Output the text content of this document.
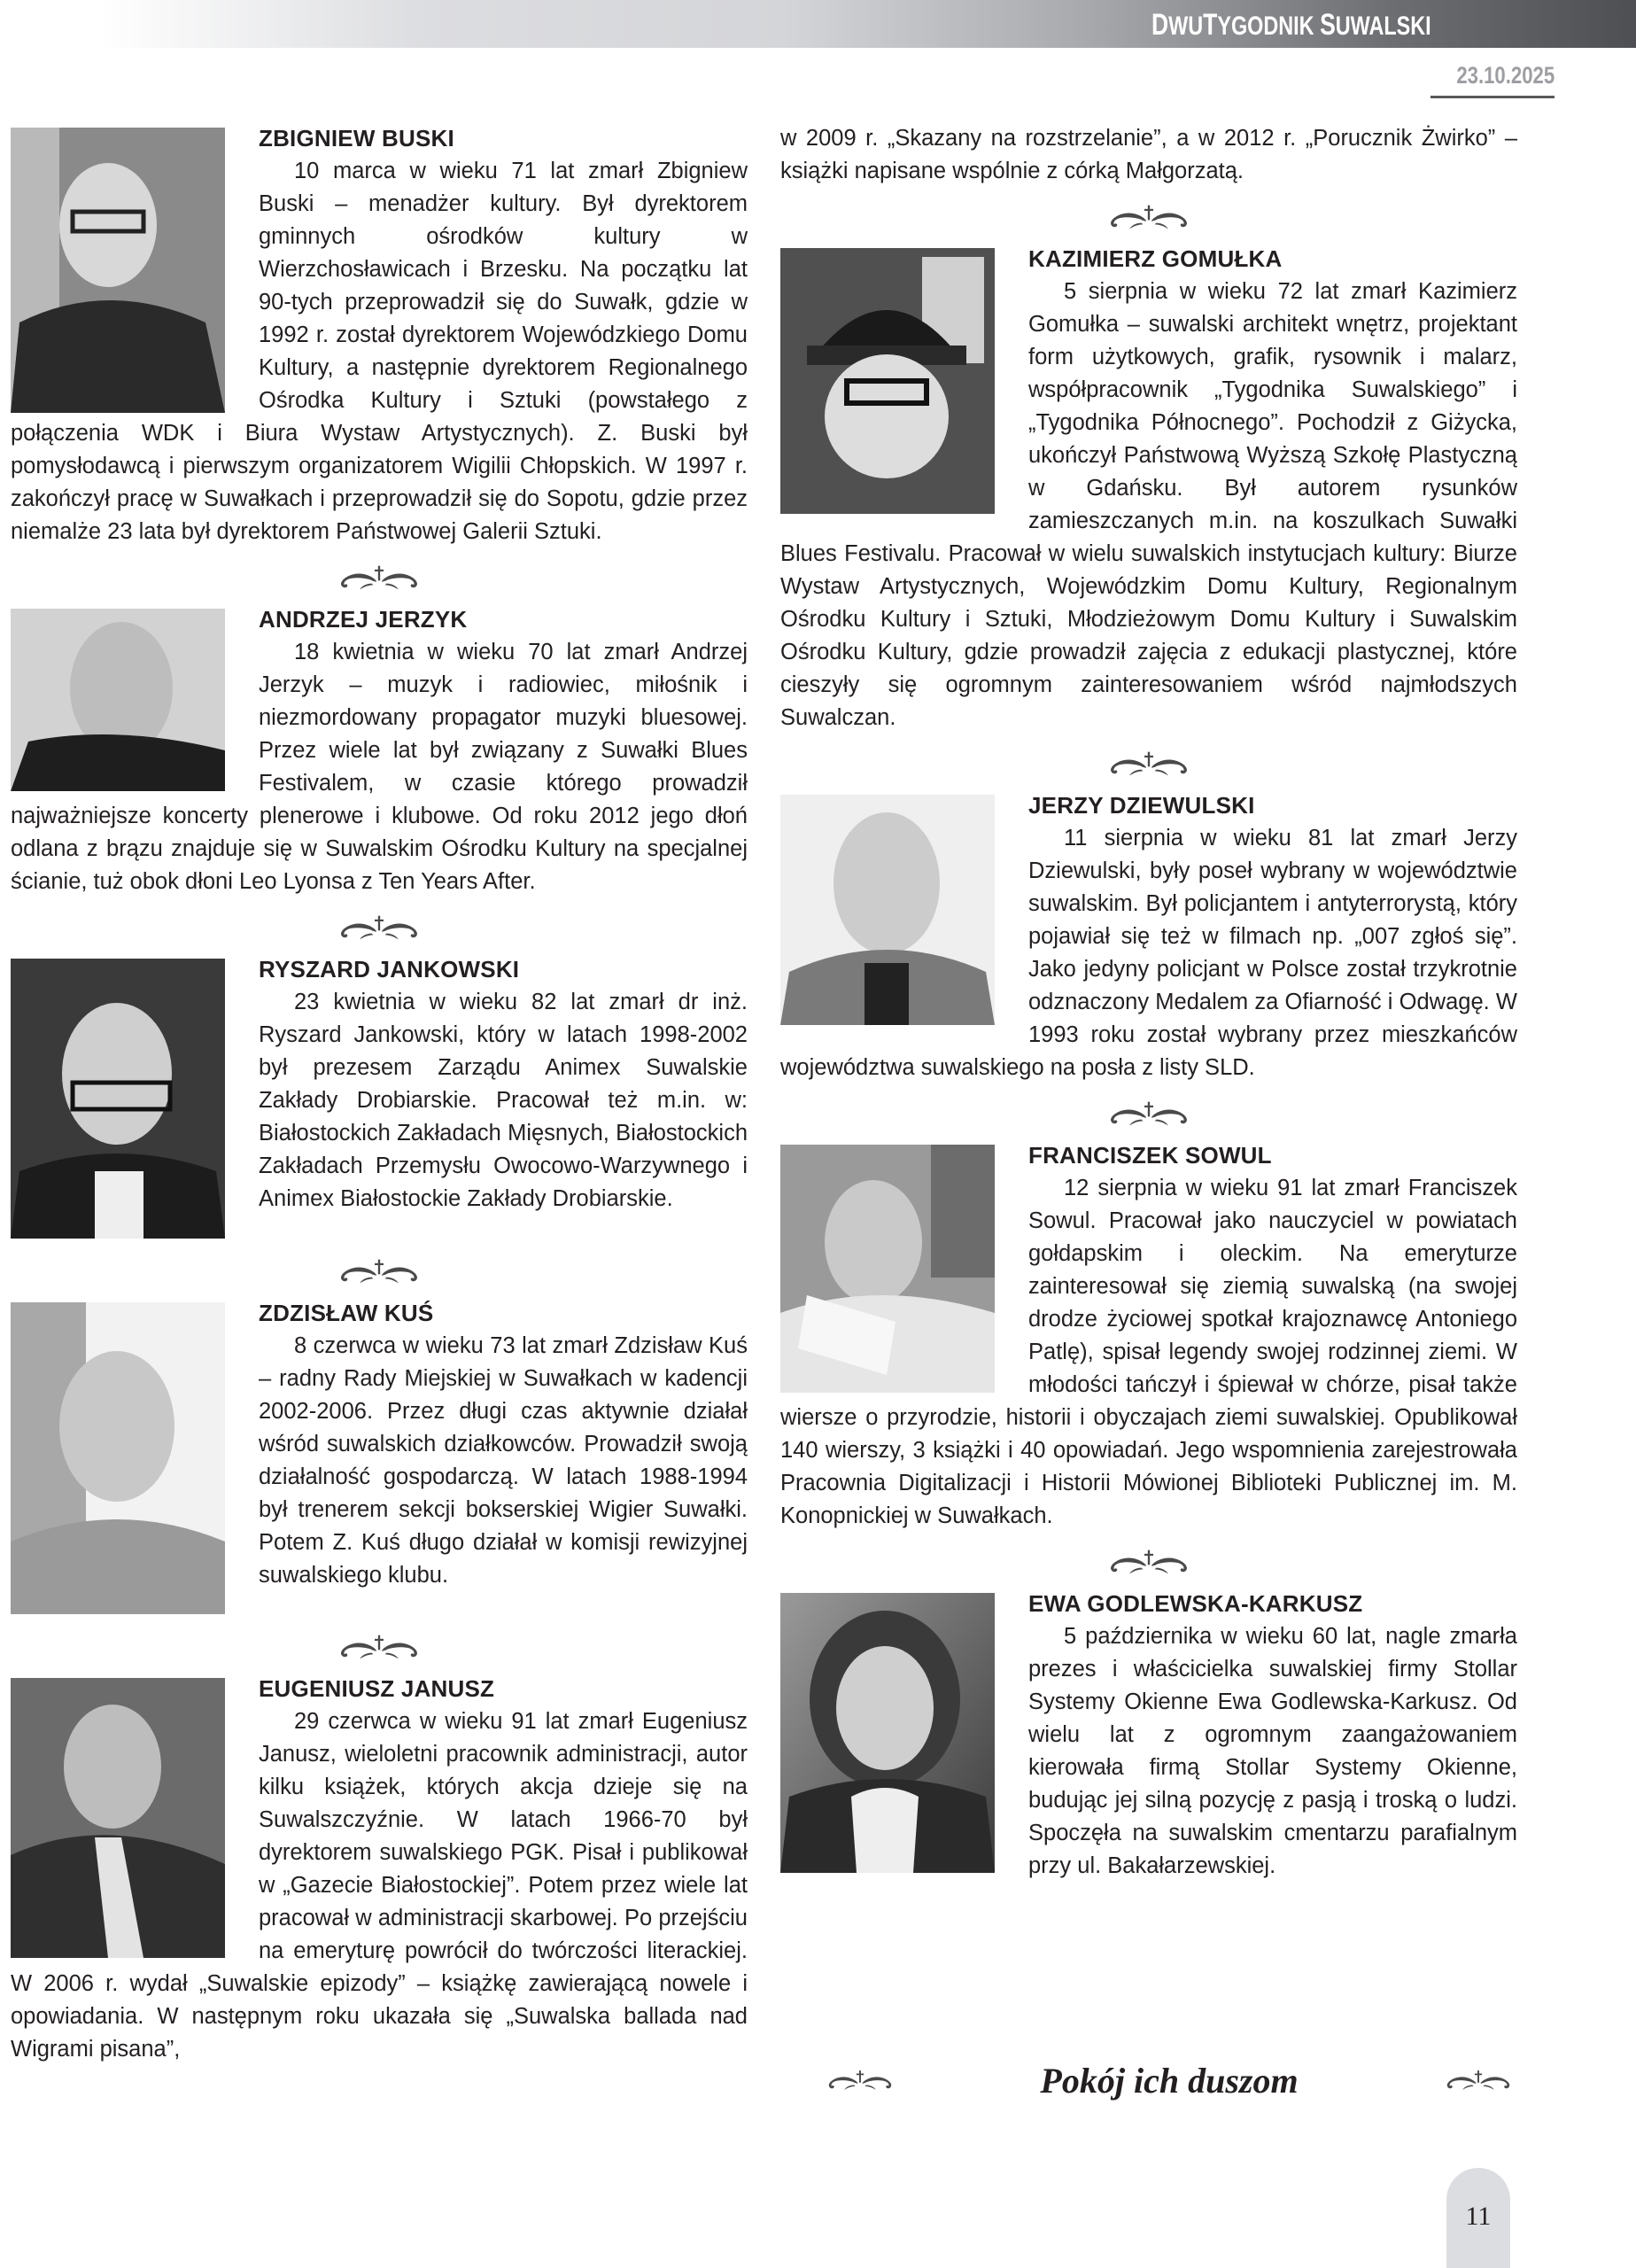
DWUTYGODNIK SUWALSKI
23.10.2025
ZBIGNIEW BUSKI
10 marca w wieku 71 lat zmarł Zbigniew Buski – menadżer kultury. Był dyrektorem gminnych ośrodków kultury w Wierzchosławicach i Brzesku. Na początku lat 90-tych przeprowadził się do Suwałk, gdzie w 1992 r. został dyrektorem Wojewódzkiego Domu Kultury, a następnie dyrektorem Regionalnego Ośrodka Kultury i Sztuki (powstałego z połączenia WDK i Biura Wystaw Artystycznych). Z. Buski był pomysłodawcą i pierwszym organizatorem Wigilii Chłopskich. W 1997 r. zakończył pracę w Suwałkach i przeprowadził się do Sopotu, gdzie przez niemalże 23 lata był dyrektorem Państwowej Galerii Sztuki.
ANDRZEJ JERZYK
18 kwietnia w wieku 70 lat zmarł Andrzej Jerzyk – muzyk i radiowiec, miłośnik i niezmordowany propagator muzyki bluesowej. Przez wiele lat był związany z Suwałki Blues Festivalem, w czasie którego prowadził najważniejsze koncerty plenerowe i klubowe. Od roku 2012 jego dłoń odlana z brązu znajduje się w Suwalskim Ośrodku Kultury na specjalnej ścianie, tuż obok dłoni Leo Lyonsa z Ten Years After.
RYSZARD JANKOWSKI
23 kwietnia w wieku 82 lat zmarł dr inż. Ryszard Jankowski, który w latach 1998-2002 był prezesem Zarządu Animex Suwalskie Zakłady Drobiarskie. Pracował też m.in. w: Białostockich Zakładach Mięsnych, Białostockich Zakładach Przemysłu Owocowo-Warzywnego i Animex Białostockie Zakłady Drobiarskie.
ZDZISŁAW KUŚ
8 czerwca w wieku 73 lat zmarł Zdzisław Kuś – radny Rady Miejskiej w Suwałkach w kadencji 2002-2006. Przez długi czas aktywnie działał wśród suwalskich działkowców. Prowadził swoją działalność gospodarczą. W latach 1988-1994 był trenerem sekcji bokserskiej Wigier Suwałki. Potem Z. Kuś długo działał w komisji rewizyjnej suwalskiego klubu.
EUGENIUSZ JANUSZ
29 czerwca w wieku 91 lat zmarł Eugeniusz Janusz, wieloletni pracownik administracji, autor kilku książek, których akcja dzieje się na Suwalszczyźnie. W latach 1966-70 był dyrektorem suwalskiego PGK. Pisał i publikował w „Gazecie Białostockiej”. Potem przez wiele lat pracował w administracji skarbowej. Po przejściu na emeryturę powrócił do twórczości literackiej. W 2006 r. wydał „Suwalskie epizody” – książkę zawierającą nowele i opowiadania. W następnym roku ukazała się „Suwalska ballada nad Wigrami pisana”,
w 2009 r. „Skazany na rozstrzelanie”, a w 2012 r. „Porucznik Żwirko” – książki napisane wspólnie z córką Małgorzatą.
KAZIMIERZ GOMUŁKA
5 sierpnia w wieku 72 lat zmarł Kazimierz Gomułka – suwalski architekt wnętrz, projektant form użytkowych, grafik, rysownik i malarz, współpracownik „Tygodnika Suwalskiego” i „Tygodnika Północnego”. Pochodził z Giżycka, ukończył Państwową Wyższą Szkołę Plastyczną w Gdańsku. Był autorem rysunków zamieszczanych m.in. na koszulkach Suwałki Blues Festivalu. Pracował w wielu suwalskich instytucjach kultury: Biurze Wystaw Artystycznych, Wojewódzkim Domu Kultury, Regionalnym Ośrodku Kultury i Sztuki, Młodzieżowym Domu Kultury i Suwalskim Ośrodku Kultury, gdzie prowadził zajęcia z edukacji plastycznej, które cieszyły się ogromnym zainteresowaniem wśród najmłodszych Suwalczan.
JERZY DZIEWULSKI
11 sierpnia w wieku 81 lat zmarł Jerzy Dziewulski, były poseł wybrany w województwie suwalskim. Był policjantem i antyterrorystą, który pojawiał się też w filmach np. „007 zgłoś się”. Jako jedyny policjant w Polsce został trzykrotnie odznaczony Medalem za Ofiarność i Odwagę. W 1993 roku został wybrany przez mieszkańców województwa suwalskiego na posła z listy SLD.
FRANCISZEK SOWUL
12 sierpnia w wieku 91 lat zmarł Franciszek Sowul. Pracował jako nauczyciel w powiatach gołdapskim i oleckim. Na emeryturze zainteresował się ziemią suwalską (na swojej drodze życiowej spotkał krajoznawcę Antoniego Patlę), spisał legendy swojej rodzinnej ziemi. W młodości tańczył i śpiewał w chórze, pisał także wiersze o przyrodzie, historii i obyczajach ziemi suwalskiej. Opublikował 140 wierszy, 3 książki i 40 opowiadań. Jego wspomnienia zarejestrowała Pracownia Digitalizacji i Historii Mówionej Biblioteki Publicznej im. M. Konopnickiej w Suwałkach.
EWA GODLEWSKA-KARKUSZ
5 października w wieku 60 lat, nagle zmarła prezes i właścicielka suwalskiej firmy Stollar Systemy Okienne Ewa Godlewska-Karkusz. Od wielu lat z ogromnym zaangażowaniem kierowała firmą Stollar Systemy Okienne, budując jej silną pozycję z pasją i troską o ludzi. Spoczęła na suwalskim cmentarzu parafialnym przy ul. Bakałarzewskiej.
Pokój ich duszom
11
